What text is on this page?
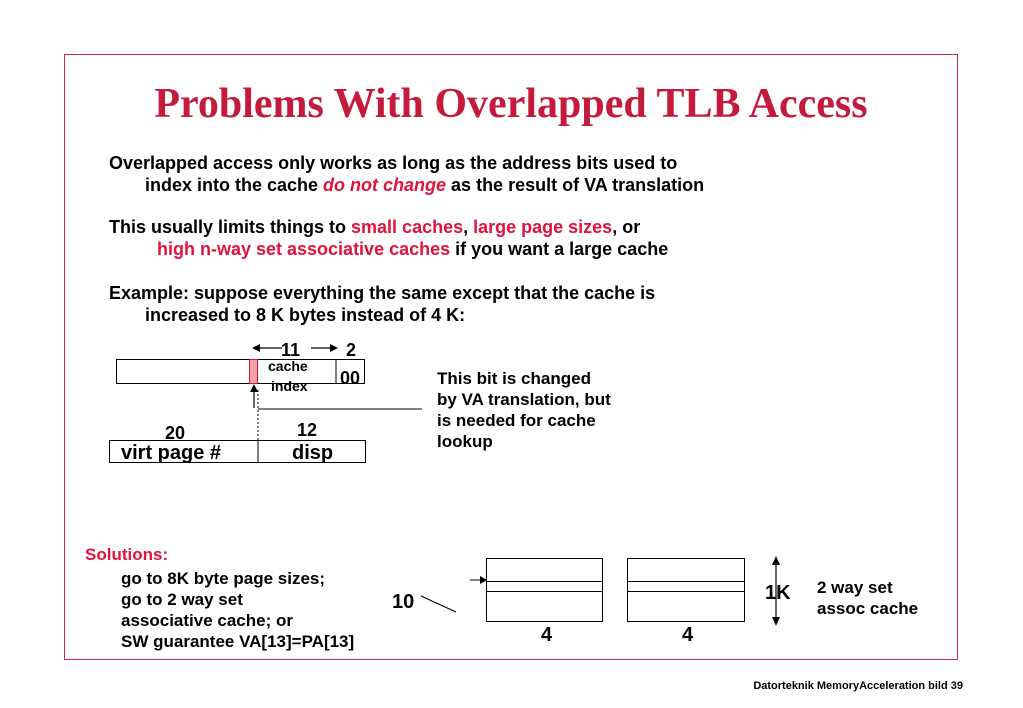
Problems With Overlapped TLB Access
Overlapped access only works as long as the address bits used to
index into the cache do not change as the result of VA translation
This usually limits things to small caches, large page sizes, or
high n-way set associative caches if you want a large cache
Example: suppose everything the same except that the cache is
increased to 8 K bytes instead of 4 K:
11	2
cache
index 00
20	12
virt page #	disp
This bit is changed
by VA translation, but
is needed for cache
lookup
Solutions:
go to 8K byte page sizes;
go to 2 way set
associative cache; or
SW guarantee VA[13]=PA[13]
10
4	4
1K 2 way set
assoc cache
Datorteknik MemoryAcceleration bild 39
